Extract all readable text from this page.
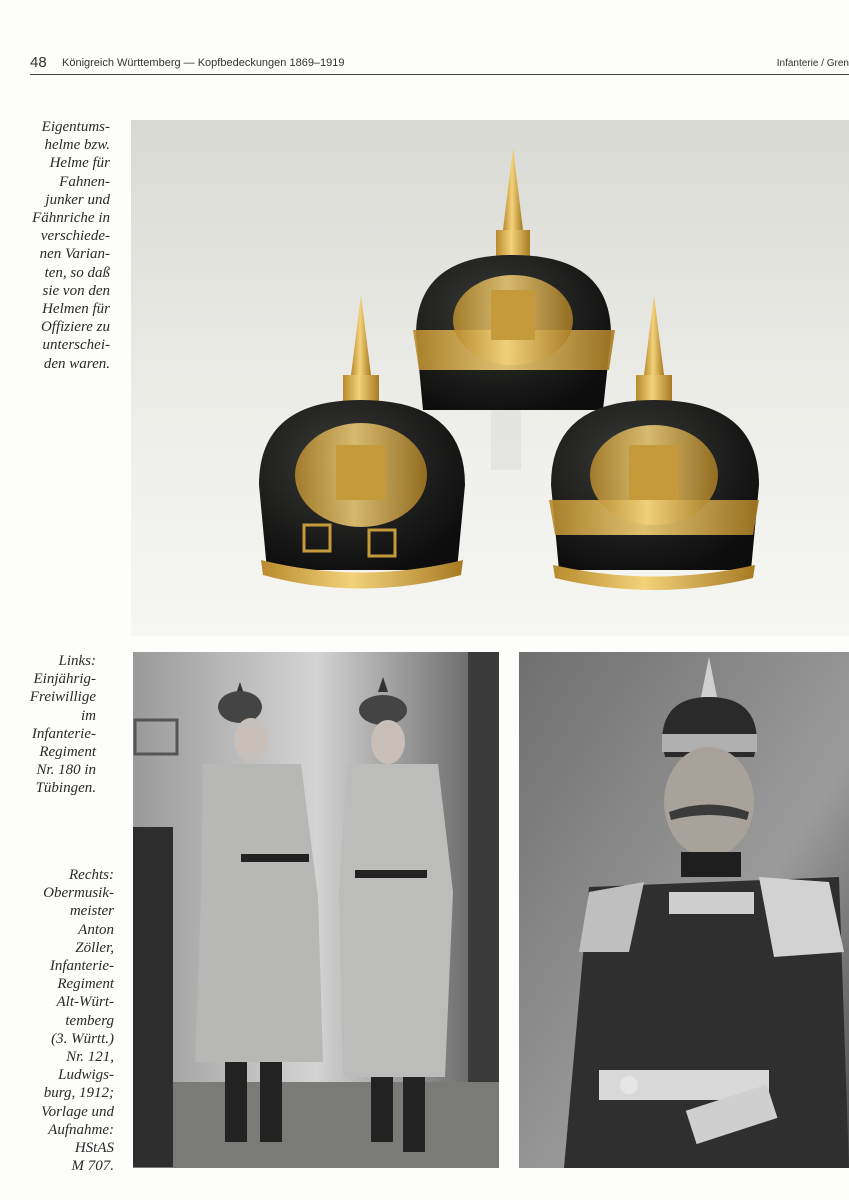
48 Königreich Württemberg — Kopfbedeckungen 1869–1919	Infanterie / Gren
Eigentums-
helme bzw.
Helme für
Fahnen-
junker und
Fähnriche in
verschiede-
nen Varian-
ten, so daß
sie von den
Helmen für
Offiziere zu
unterschei-
den waren.
Links:
Einjährig-
Freiwillige
im
Infanterie-
Regiment
Nr. 180 in
Tübingen.
Rechts:
Obermusik-
meister
Anton
Zöller,
Infanterie-
Regiment
Alt-Würt-
temberg
(3. Württ.)
Nr. 121,
Ludwigs-
burg, 1912;
Vorlage und
Aufnahme:
HStAS
M 707.
